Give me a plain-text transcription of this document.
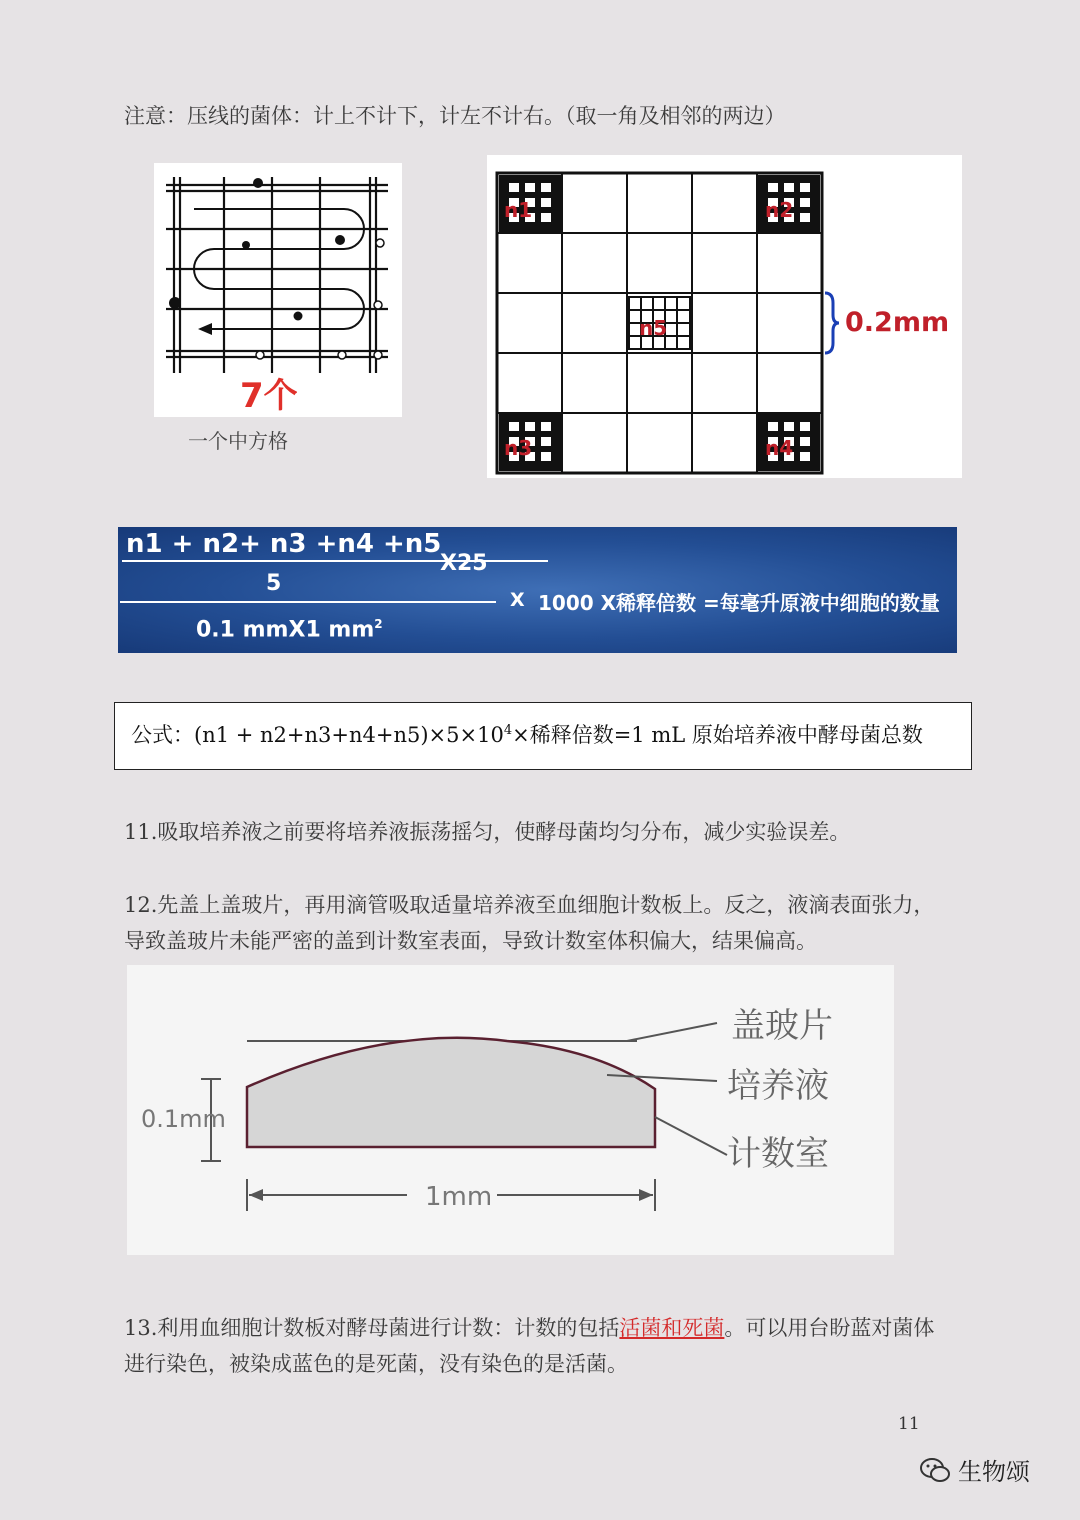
注意：压线的菌体：计上不计下，计左不计右。（取一角及相邻的两边）
7个
一个中方格
n1	n2
n3	n4
n5	0.2mm
n1 + n2+ n3 +n4 +n5
5
X25
0.1 mmX1 $mm^2$
X 1000 X稀释倍数 =每毫升原液中细胞的数量
公式：$(n1 + n2+n3+n4+n5)\times 5\times 10^4\times$稀释倍数=1 mL 原始培养液中酵母菌总数
11.吸取培养液之前要将培养液振荡摇匀，使酵母菌均匀分布，减少实验误差。
12.先盖上盖玻片，再用滴管吸取适量培养液至血细胞计数板上。反之，液滴表面张力，导致盖玻片未能严密的盖到计数室表面，导致计数室体积偏大，结果偏高。
盖玻片
培养液
计数室
0.1mm
1mm
13.利用血细胞计数板对酵母菌进行计数：计数的包括活菌和死菌。可以用台盼蓝对菌体进行染色，被染成蓝色的是死菌，没有染色的是活菌。
11
生物颂
